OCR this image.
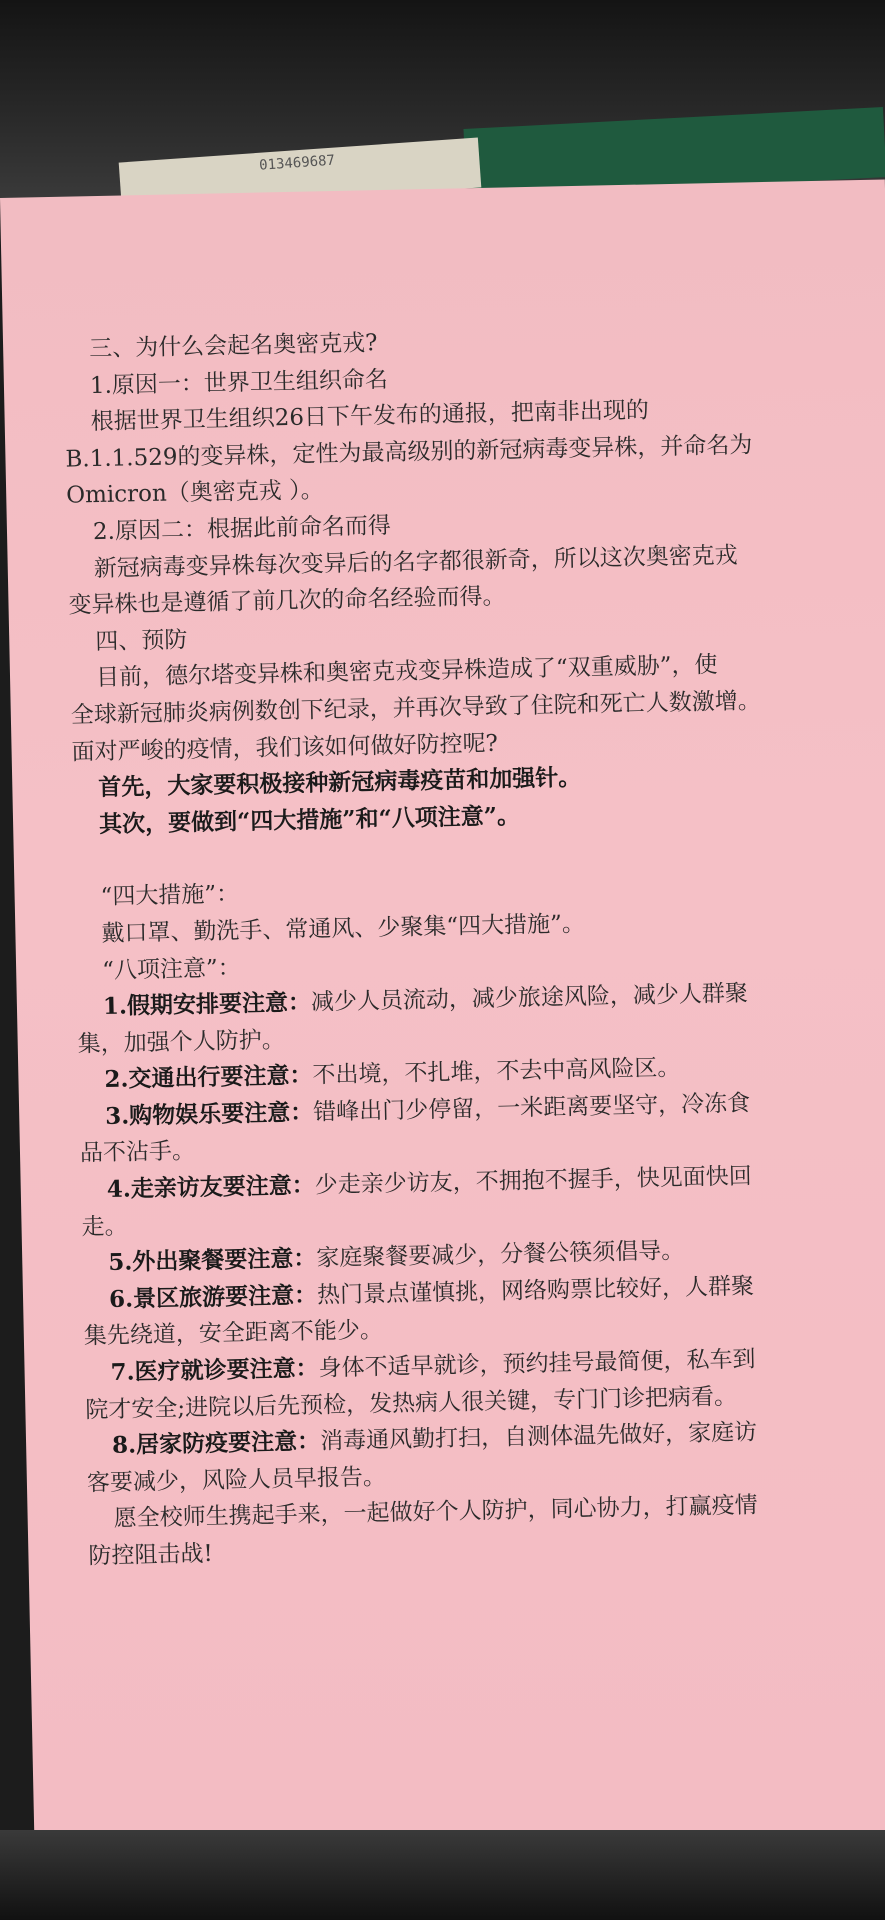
013469687
三、为什么会起名奥密克戎?
1.原因一：世界卫生组织命名
根据世界卫生组织26日下午发布的通报，把南非出现的
B.1.1.529的变异株，定性为最高级别的新冠病毒变异株，并命名为
Omicron（奥密克戎 ）。
2.原因二：根据此前命名而得
新冠病毒变异株每次变异后的名字都很新奇，所以这次奥密克戎
变异株也是遵循了前几次的命名经验而得。
四、预防
目前，德尔塔变异株和奥密克戎变异株造成了“双重威胁”，使
全球新冠肺炎病例数创下纪录，并再次导致了住院和死亡人数激增。
面对严峻的疫情，我们该如何做好防控呢?
首先，大家要积极接种新冠病毒疫苗和加强针。
其次，要做到“四大措施”和“八项注意”。
“四大措施”：
戴口罩、勤洗手、常通风、少聚集“四大措施”。
“八项注意”：
1.假期安排要注意：减少人员流动，减少旅途风险，减少人群聚
集，加强个人防护。
2.交通出行要注意：不出境，不扎堆，不去中高风险区。
3.购物娱乐要注意：错峰出门少停留，一米距离要坚守，冷冻食
品不沾手。
4.走亲访友要注意：少走亲少访友，不拥抱不握手，快见面快回
走。
5.外出聚餐要注意：家庭聚餐要减少，分餐公筷须倡导。
6.景区旅游要注意：热门景点谨慎挑，网络购票比较好，人群聚
集先绕道，安全距离不能少。
7.医疗就诊要注意：身体不适早就诊，预约挂号最简便，私车到
院才安全;进院以后先预检，发热病人很关键，专门门诊把病看。
8.居家防疫要注意：消毒通风勤打扫，自测体温先做好，家庭访
客要减少，风险人员早报告。
愿全校师生携起手来，一起做好个人防护，同心协力，打赢疫情
防控阻击战!
